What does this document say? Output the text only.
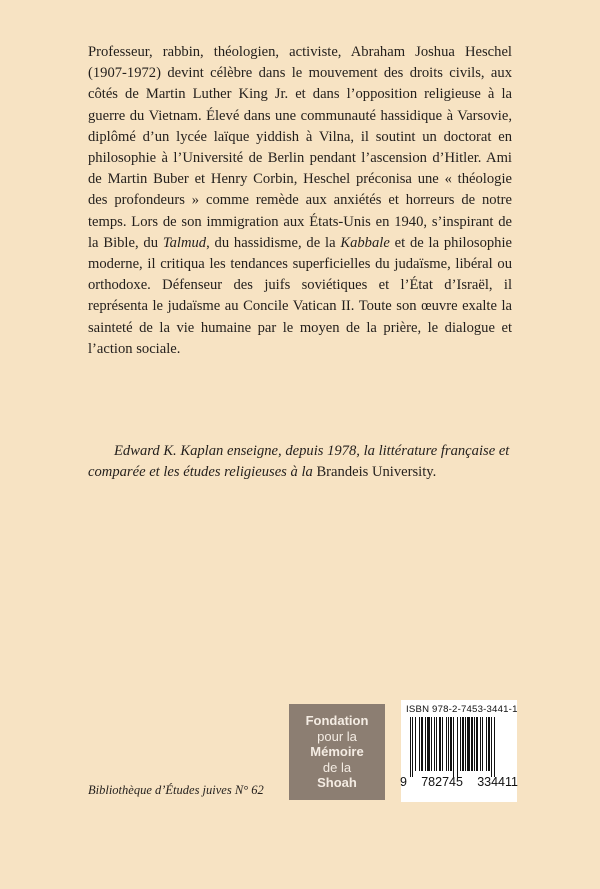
Professeur, rabbin, théologien, activiste, Abraham Joshua Heschel (1907-1972) devint célèbre dans le mouvement des droits civils, aux côtés de Martin Luther King Jr. et dans l’opposition religieuse à la guerre du Vietnam. Élevé dans une communauté hassidique à Varsovie, diplômé d’un lycée laïque yiddish à Vilna, il soutint un doctorat en philosophie à l’Université de Berlin pendant l’ascension d’Hitler. Ami de Martin Buber et Henry Corbin, Heschel préconisa une « théologie des profondeurs » comme remède aux anxiétés et horreurs de notre temps. Lors de son immigration aux États-Unis en 1940, s’inspirant de la Bible, du Talmud, du hassidisme, de la Kabbale et de la philosophie moderne, il critiqua les tendances superficielles du judaïsme, libéral ou orthodoxe. Défenseur des juifs soviétiques et l’État d’Israël, il représenta le judaïsme au Concile Vatican II. Toute son œuvre exalte la sainteté de la vie humaine par le moyen de la prière, le dialogue et l’action sociale.

Edward K. Kaplan enseigne, depuis 1978, la littérature française et comparée et les études religieuses à la Brandeis University.

Bibliothèque d’Études juives N° 62

Fondation
pour la
Mémoire
de la
Shoah
ISBN 978-2-7453-3441-1
9 782745 334411
